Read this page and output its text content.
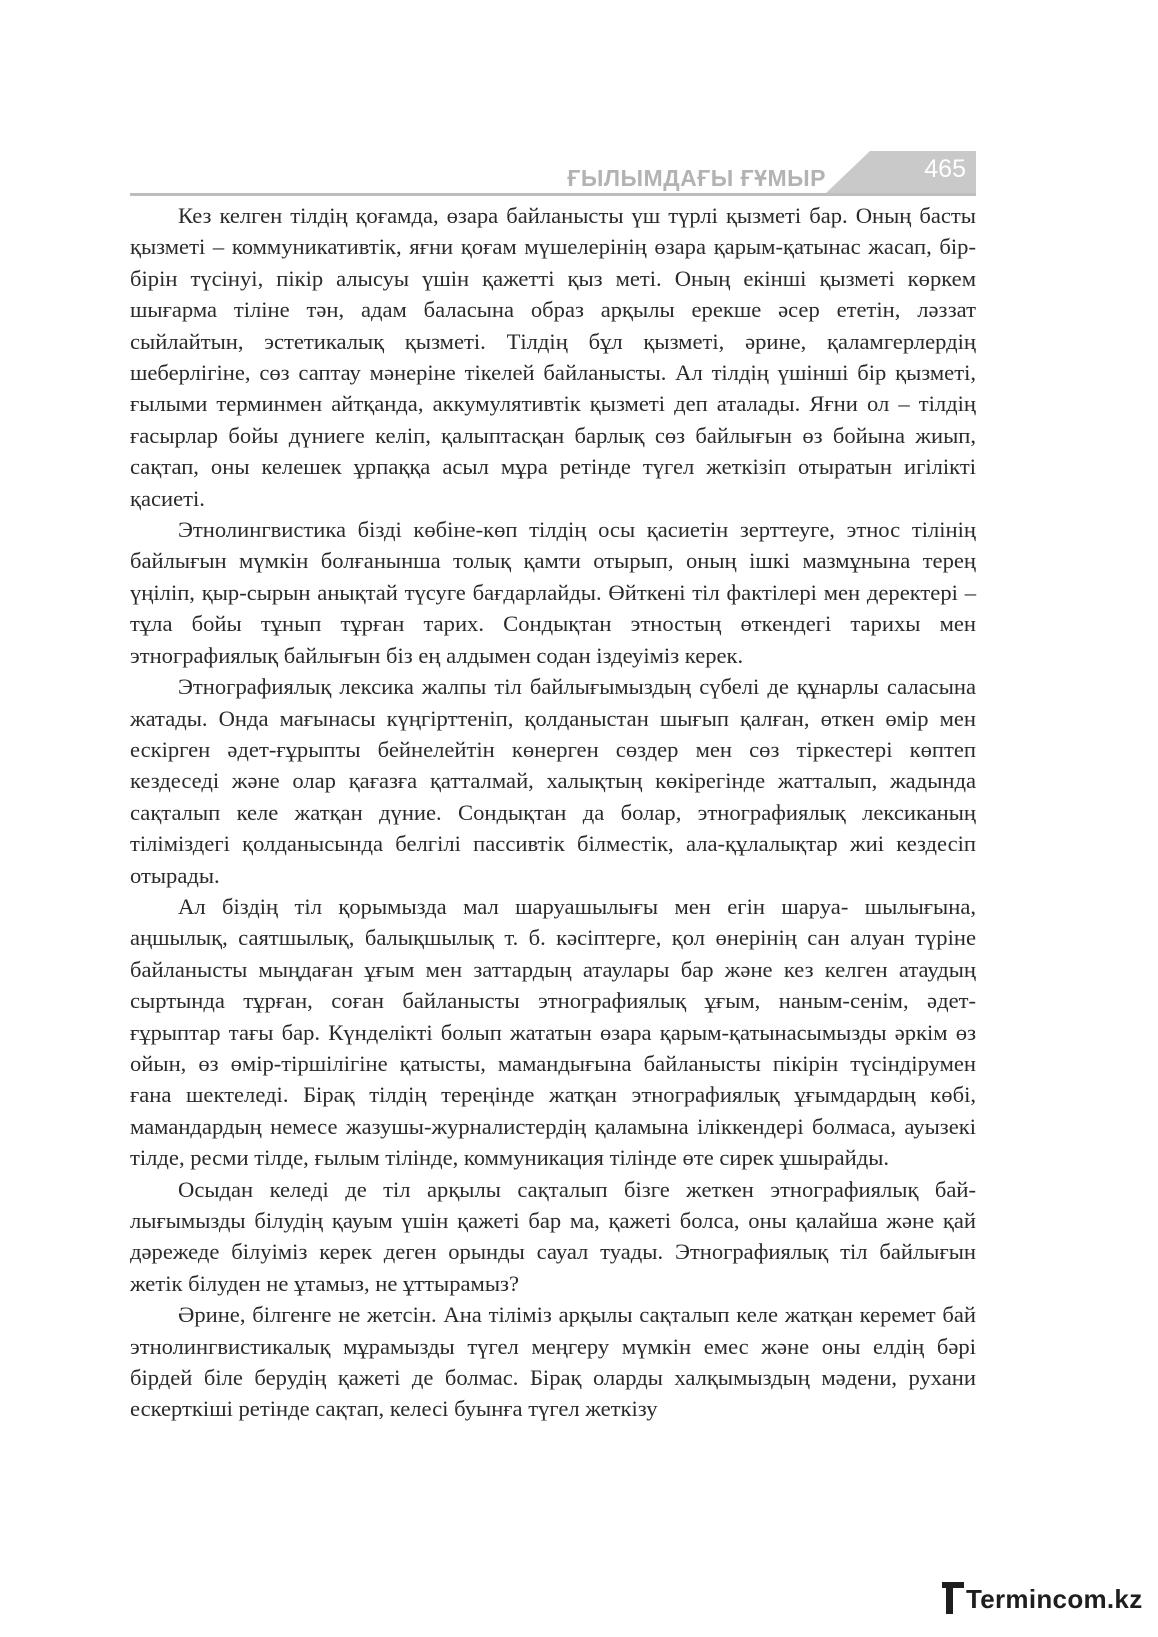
ҒЫЛЫМДАҒЫ ҒҰМЫР	465

Кез келген тілдің қоғамда, өзара байланысты үш түрлі қызметі бар. Оның басты қызметі – коммуникативтік, яғни қоғам мүшелерінің өзара қарым-қатынас жасап, бір-бірін түсінуі, пікір алысуы үшін қажетті қыз меті. Оның екінші қызметі көркем шығарма тіліне тән, адам баласына образ арқылы ерекше әсер ететін, ләззат сыйлайтын, эстетикалық қызметі. Тілдің бұл қызметі, әрине, қаламгерлердің шеберлігіне, сөз саптау мәнеріне тікелей байланысты. Ал тілдің үшінші бір қызметі, ғылыми терминмен айтқанда, аккумулятивтік қызметі деп аталады. Яғни ол – тілдің ғасырлар бойы дүниеге келіп, қалыптасқан барлық сөз байлығын өз бойына жиып, сақтап, оны келешек ұрпаққа асыл мұра ретінде түгел жеткізіп отыратын игілікті қасиеті.

Этнолингвистика бізді көбіне-көп тілдің осы қасиетін зерттеуге, этнос тілінің байлығын мүмкін болғанынша толық қамти отырып, оның ішкі мазмұнына терең үңіліп, қыр-сырын анықтай түсуге бағдарлайды. Өйткені тіл фактілері мен деректері – тұла бойы тұнып тұрған тарих. Сондықтан этностың өткендегі тарихы мен этнографиялық байлығын біз ең алдымен содан іздеуіміз керек.

Этнографиялық лексика жалпы тіл байлығымыздың сүбелі де құнарлы саласына жатады. Онда мағынасы күңгірттеніп, қолданыстан шығып қалған, өткен өмір мен ескірген әдет-ғұрыпты бейнелейтін көнерген сөздер мен сөз тіркестері көптеп кездеседі және олар қағазға қатталмай, халықтың көкірегінде жатталып, жадында сақталып келе жатқан дүние. Сондықтан да болар, этнографиялық лексиканың тіліміздегі қолданысында белгілі пассивтік білместік, ала-құлалықтар жиі кездесіп отырады.

Ал біздің тіл қорымызда мал шаруашылығы мен егін шаруа- шылығына, аңшылық, саятшылық, балықшылық т. б. кәсіптерге, қол өнерінің сан алуан түріне байланысты мыңдаған ұғым мен заттардың атаулары бар және кез келген атаудың сыртында тұрған, соған байланысты этнографиялық ұғым, наным-сенім, әдет-ғұрыптар тағы бар. Күнделікті болып жататын өзара қарым-қатынасымызды әркім өз ойын, өз өмір-тіршілігіне қатысты, мамандығына байланысты пікірін түсіндірумен ғана шектеледі. Бірақ тілдің тереңінде жатқан этнографиялық ұғымдардың көбі, мамандардың немесе жазушы-журналистердің қаламына іліккендері болмаса, ауызекі тілде, ресми тілде, ғылым тілінде, коммуникация тілінде өте сирек ұшырайды.

Осыдан келеді де тіл арқылы сақталып бізге жеткен этнографиялық байлығымызды білудің қауым үшін қажеті бар ма, қажеті болса, оны қалайша және қай дәрежеде білуіміз керек деген орынды сауал туады. Этнографиялық тіл байлығын жетік білуден не ұтамыз, не ұттырамыз?

Әрине, білгенге не жетсін. Ана тіліміз арқылы сақталып келе жатқан керемет бай этнолингвистикалық мұрамызды түгел меңгеру мүмкін емес және оны елдің бәрі бірдей біле берудің қажеті де болмас. Бірақ оларды халқымыздың мәдени, рухани ескерткіші ретінде сақтап, келесі буынға түгел жеткізу

Termincom.kz
